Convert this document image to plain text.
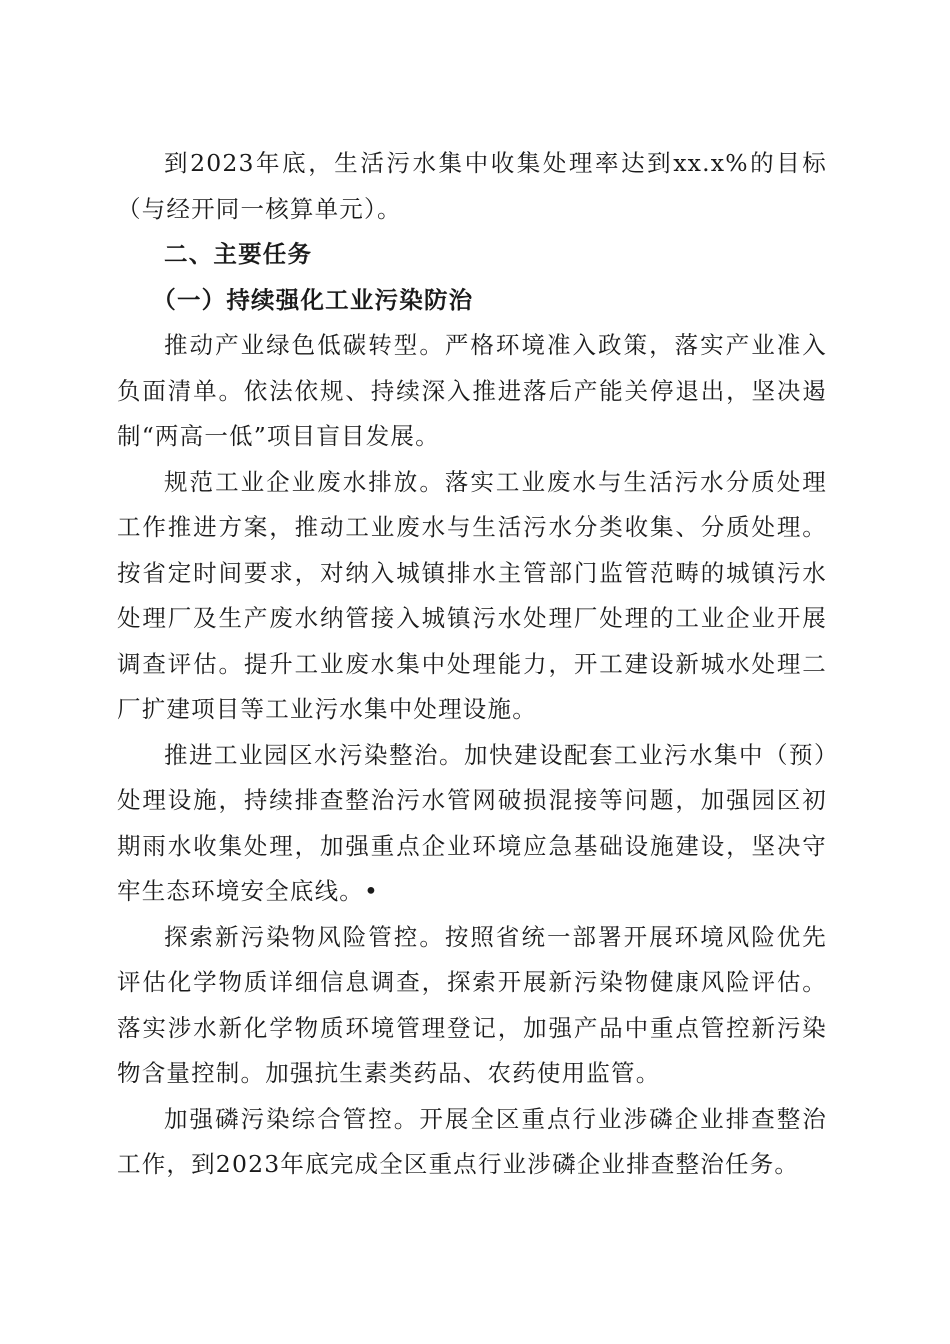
到2023年底，生活污水集中收集处理率达到xx.x%的目标（与经开同一核算单元）。

二、主要任务

（一）持续强化工业污染防治

推动产业绿色低碳转型。严格环境准入政策，落实产业准入负面清单。依法依规、持续深入推进落后产能关停退出，坚决遏制“两高一低”项目盲目发展。

规范工业企业废水排放。落实工业废水与生活污水分质处理工作推进方案，推动工业废水与生活污水分类收集、分质处理。按省定时间要求，对纳入城镇排水主管部门监管范畴的城镇污水处理厂及生产废水纳管接入城镇污水处理厂处理的工业企业开展调查评估。提升工业废水集中处理能力，开工建设新城水处理二厂扩建项目等工业污水集中处理设施。

推进工业园区水污染整治。加快建设配套工业污水集中（预）处理设施，持续排查整治污水管网破损混接等问题，加强园区初期雨水收集处理，加强重点企业环境应急基础设施建设，坚决守牢生态环境安全底线。•

探索新污染物风险管控。按照省统一部署开展环境风险优先评估化学物质详细信息调查，探索开展新污染物健康风险评估。落实涉水新化学物质环境管理登记，加强产品中重点管控新污染物含量控制。加强抗生素类药品、农药使用监管。

加强磷污染综合管控。开展全区重点行业涉磷企业排查整治工作，到2023年底完成全区重点行业涉磷企业排查整治任务。
